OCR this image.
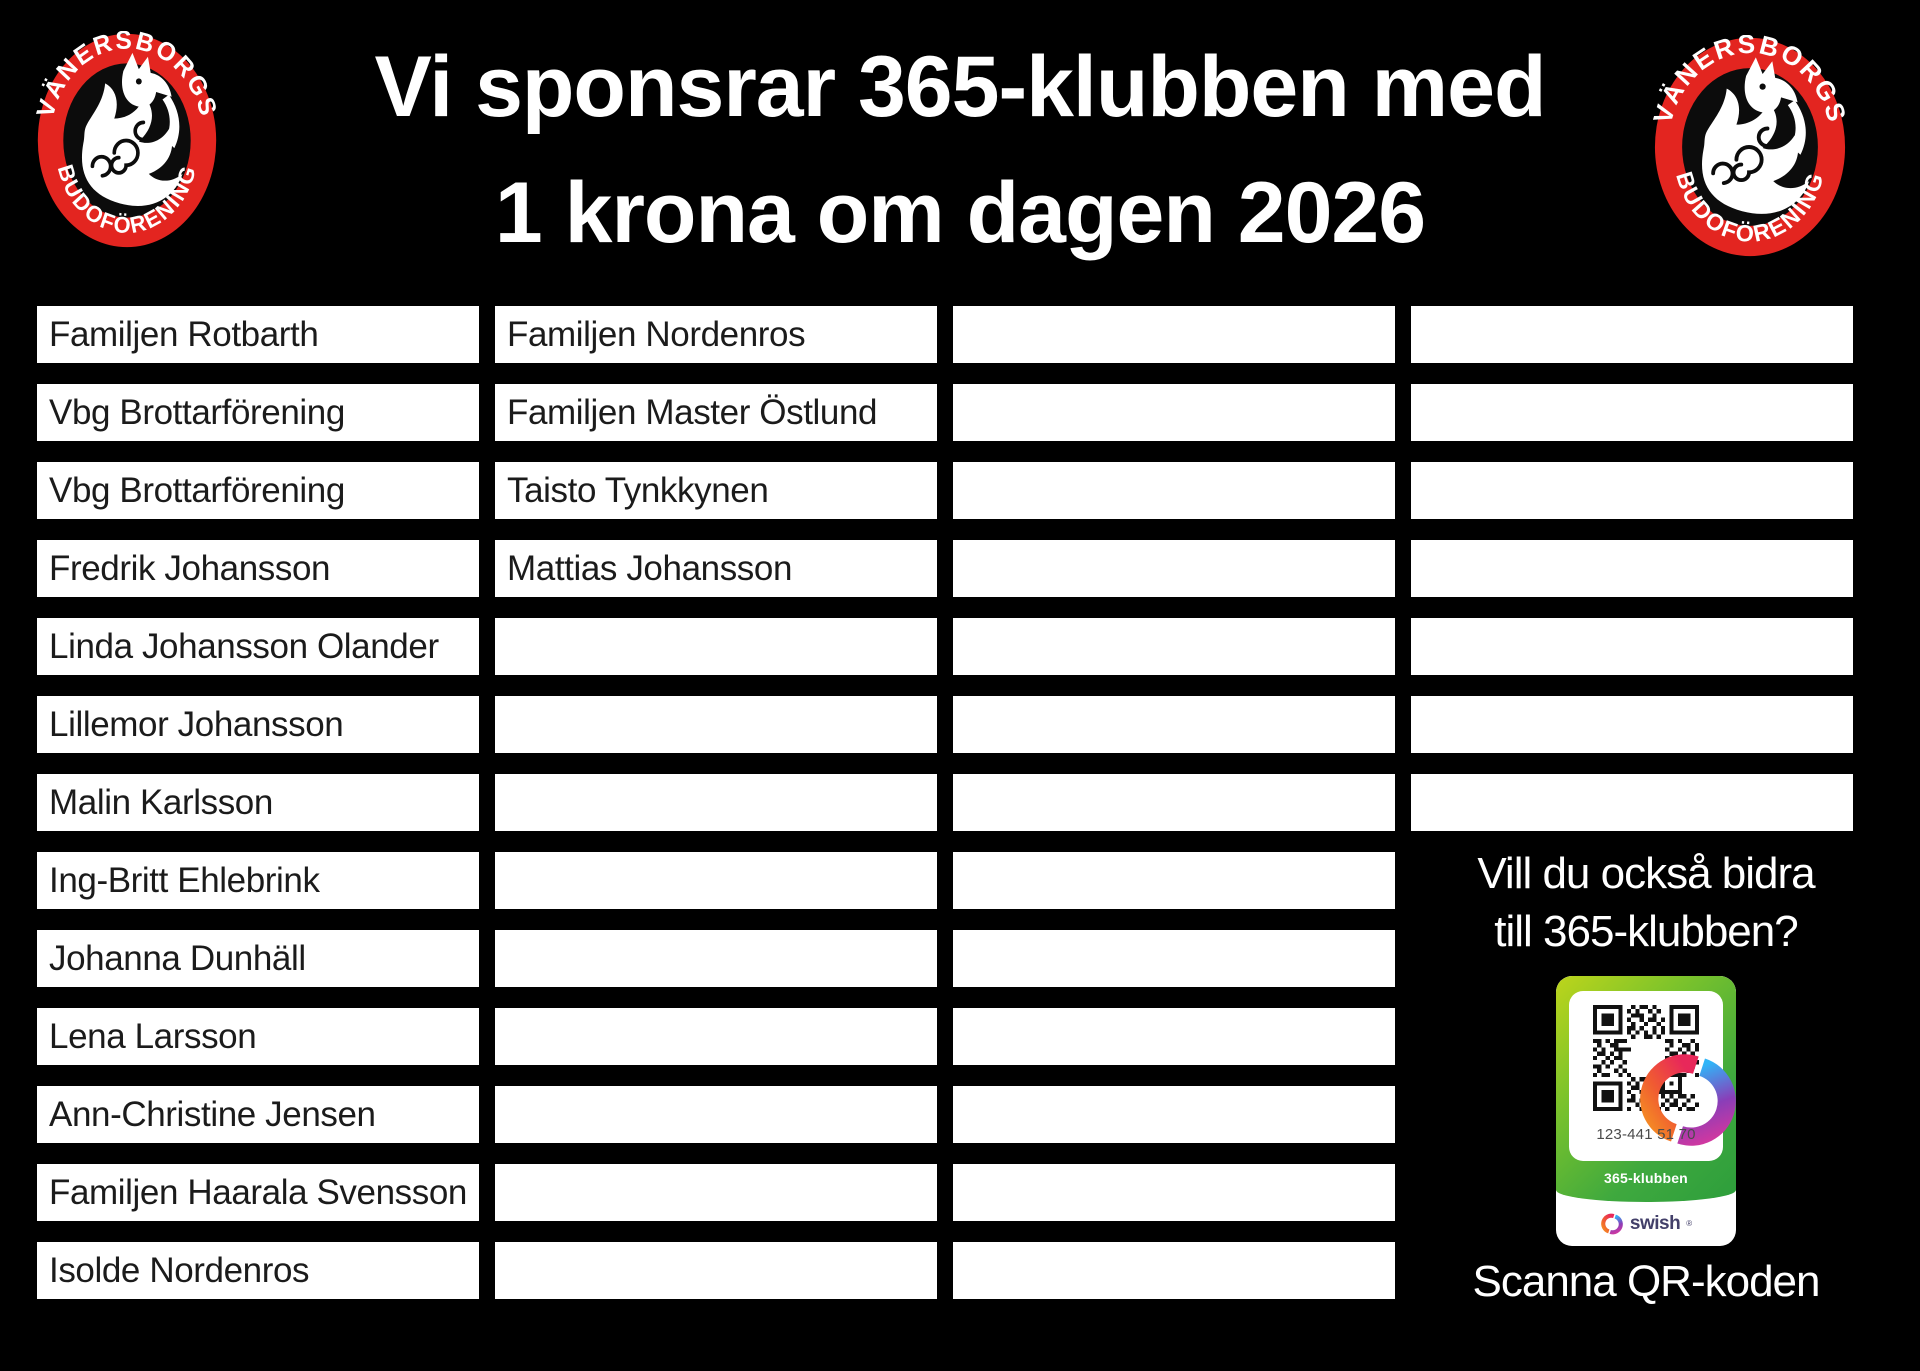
Vi sponsrar 365-klubben med
1 krona om dagen 2026
Familjen Rotbarth
Vbg Brottarförening
Vbg Brottarförening
Fredrik Johansson
Linda Johansson Olander
Lillemor Johansson
Malin Karlsson
Ing-Britt Ehlebrink
Johanna Dunhäll
Lena Larsson
Ann-Christine Jensen
Familjen Haarala Svensson
Isolde Nordenros
Familjen Nordenros
Familjen Master Östlund
Taisto Tynkkynen
Mattias Johansson
Vill du också bidra
till 365-klubben?
123-441 51 70
365-klubben
swish ®
Scanna QR-koden
